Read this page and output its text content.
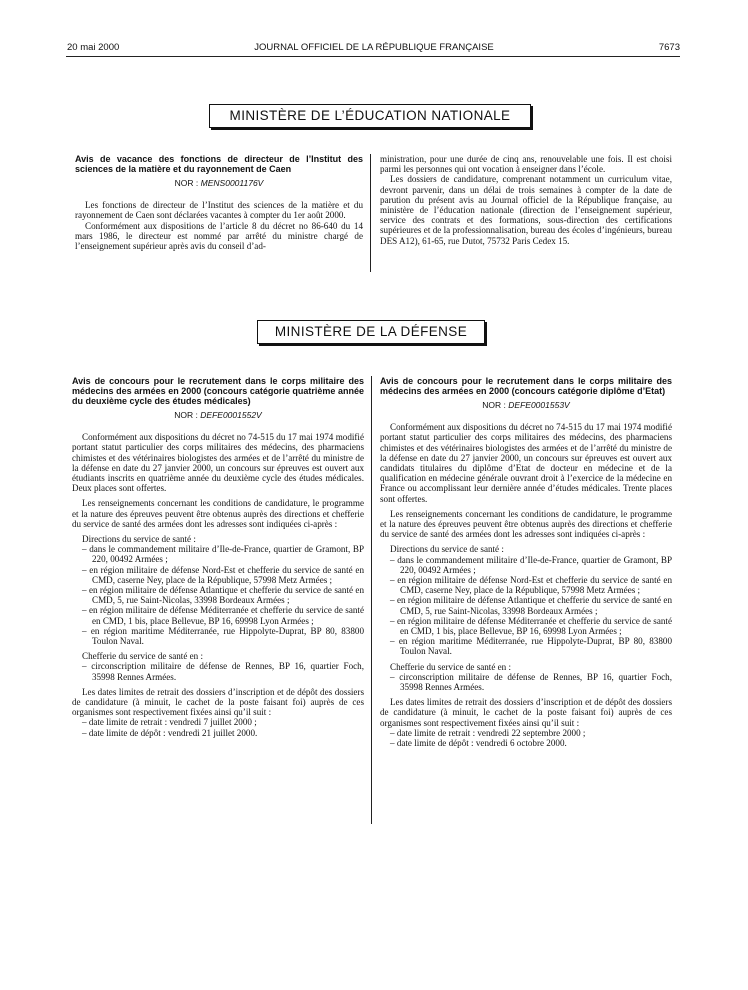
20 mai 2000	JOURNAL OFFICIEL DE LA RÉPUBLIQUE FRANÇAISE	7673
MINISTÈRE DE L’ÉDUCATION NATIONALE
Avis de vacance des fonctions de directeur de l’Institut des sciences de la matière et du rayonnement de Caen
NOR : MENS0001176V

Les fonctions de directeur de l’Institut des sciences de la matière et du rayonnement de Caen sont déclarées vacantes à compter du 1er août 2000.

Conformément aux dispositions de l’article 8 du décret no 86-640 du 14 mars 1986, le directeur est nommé par arrêté du ministre chargé de l’enseignement supérieur après avis du conseil d’ad-

ministration, pour une durée de cinq ans, renouvelable une fois. Il est choisi parmi les personnes qui ont vocation à enseigner dans l’école.

Les dossiers de candidature, comprenant notamment un curriculum vitae, devront parvenir, dans un délai de trois semaines à compter de la date de parution du présent avis au Journal officiel de la République française, au ministère de l’éducation nationale (direction de l’enseignement supérieur, service des contrats et des formations, sous-direction des certifications supérieures et de la professionnalisation, bureau des écoles d’ingénieurs, bureau DES A12), 61-65, rue Dutot, 75732 Paris Cedex 15.

MINISTÈRE DE LA DÉFENSE
Avis de concours pour le recrutement dans le corps militaire des médecins des armées en 2000 (concours catégorie quatrième année du deuxième cycle des études médicales)
NOR : DEFE0001552V

Conformément aux dispositions du décret no 74-515 du 17 mai 1974 modifié portant statut particulier des corps militaires des médecins, des pharmaciens chimistes et des vétérinaires biologistes des armées et de l’arrêté du ministre de la défense en date du 27 janvier 2000, un concours sur épreuves est ouvert aux étudiants inscrits en quatrième année du deuxième cycle des études médicales. Deux places sont offertes.

Les renseignements concernant les conditions de candidature, le programme et la nature des épreuves peuvent être obtenus auprès des directions et chefferie du service de santé des armées dont les adresses sont indiquées ci-après :

Directions du service de santé :

– dans le commandement militaire d’Ile-de-France, quartier de Gramont, BP 220, 00492 Armées ;
– en région militaire de défense Nord-Est et chefferie du service de santé en CMD, caserne Ney, place de la République, 57998 Metz Armées ;
– en région militaire de défense Atlantique et chefferie du service de santé en CMD, 5, rue Saint-Nicolas, 33998 Bordeaux Armées ;
– en région militaire de défense Méditerranée et chefferie du service de santé en CMD, 1 bis, place Bellevue, BP 16, 69998 Lyon Armées ;
– en région maritime Méditerranée, rue Hippolyte-Duprat, BP 80, 83800 Toulon Naval.

Chefferie du service de santé en :

– circonscription militaire de défense de Rennes, BP 16, quartier Foch, 35998 Rennes Armées.

Les dates limites de retrait des dossiers d’inscription et de dépôt des dossiers de candidature (à minuit, le cachet de la poste faisant foi) auprès de ces organismes sont respectivement fixées ainsi qu’il suit :

– date limite de retrait : vendredi 7 juillet 2000 ;
– date limite de dépôt : vendredi 21 juillet 2000.
Avis de concours pour le recrutement dans le corps militaire des médecins des armées en 2000 (concours catégorie diplôme d’Etat)
NOR : DEFE0001553V

Conformément aux dispositions du décret no 74-515 du 17 mai 1974 modifié portant statut particulier des corps militaires des médecins, des pharmaciens chimistes et des vétérinaires biologistes des armées et de l’arrêté du ministre de la défense en date du 27 janvier 2000, un concours sur épreuves est ouvert aux candidats titulaires du diplôme d’Etat de docteur en médecine et de la qualification en médecine générale ouvrant droit à l’exercice de la médecine en France ou accomplissant leur dernière année d’études médicales. Trente places sont offertes.

Les renseignements concernant les conditions de candidature, le programme et la nature des épreuves peuvent être obtenus auprès des directions et chefferie du service de santé des armées dont les adresses sont indiquées ci-après :

Directions du service de santé :

– dans le commandement militaire d’Ile-de-France, quartier de Gramont, BP 220, 00492 Armées ;
– en région militaire de défense Nord-Est et chefferie du service de santé en CMD, caserne Ney, place de la République, 57998 Metz Armées ;
– en région militaire de défense Atlantique et chefferie du service de santé en CMD, 5, rue Saint-Nicolas, 33998 Bordeaux Armées ;
– en région militaire de défense Méditerranée et chefferie du service de santé en CMD, 1 bis, place Bellevue, BP 16, 69998 Lyon Armées ;
– en région maritime Méditerranée, rue Hippolyte-Duprat, BP 80, 83800 Toulon Naval.

Chefferie du service de santé en :

– circonscription militaire de défense de Rennes, BP 16, quartier Foch, 35998 Rennes Armées.

Les dates limites de retrait des dossiers d’inscription et de dépôt des dossiers de candidature (à minuit, le cachet de la poste faisant foi) auprès de ces organismes sont respectivement fixées ainsi qu’il suit :

– date limite de retrait : vendredi 22 septembre 2000 ;
– date limite de dépôt : vendredi 6 octobre 2000.
